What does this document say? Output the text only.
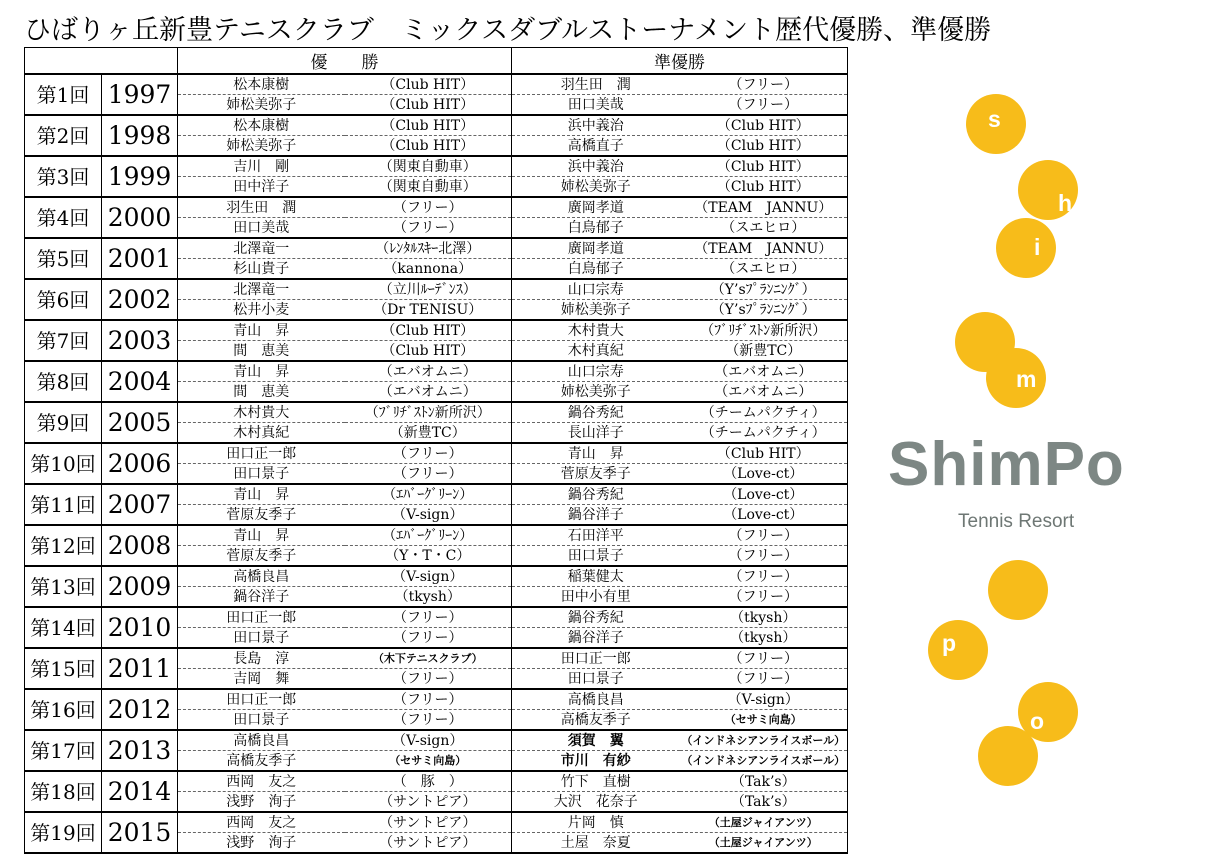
ひばりヶ丘新豊テニスクラブ　ミックスダブルストーナメント歴代優勝、準優勝
		優　　勝		準優勝	
第1回	1997	松本康樹	（Club HIT）	羽生田　潤	（フリー）
		姉松美弥子	（Club HIT）	田口美哉	（フリー）
第2回	1998	松本康樹	（Club HIT）	浜中義治	（Club HIT）
		姉松美弥子	（Club HIT）	高橋直子	（Club HIT）
第3回	1999	吉川　剛	（関東自動車）	浜中義治	（Club HIT）
		田中洋子	（関東自動車）	姉松美弥子	（Club HIT）
第4回	2000	羽生田　潤	（フリー）	廣岡孝道	（TEAM　JANNU）
		田口美哉	（フリー）	白鳥郁子	（スエヒロ）
第5回	2001	北澤竜一	（ﾚﾝﾀﾙｽｷｰ北澤）	廣岡孝道	（TEAM　JANNU）
		杉山貴子	（kannona）	白鳥郁子	（スエヒロ）
第6回	2002	北澤竜一	（立川ﾙｰﾃﾞﾝｽ）	山口宗寿	（Y’sﾌﾟﾗﾝﾆﾝｸﾞ）
		松井小麦	（Dr TENISU）	姉松美弥子	（Y’sﾌﾟﾗﾝﾆﾝｸﾞ）
第7回	2003	青山　昇	（Club HIT）	木村貴大	（ﾌﾞﾘﾁﾞｽﾄﾝ新所沢）
		間　恵美	（Club HIT）	木村真紀	（新豊TC）
第8回	2004	青山　昇	（エバオムニ）	山口宗寿	（エバオムニ）
		間　恵美	（エバオムニ）	姉松美弥子	（エバオムニ）
第9回	2005	木村貴大	（ﾌﾞﾘﾁﾞｽﾄﾝ新所沢）	鍋谷秀紀	（チームパクチィ）
		木村真紀	（新豊TC）	長山洋子	（チームパクチィ）
第10回	2006	田口正一郎	（フリー）	青山　昇	（Club HIT）
		田口景子	（フリー）	菅原友季子	（Love-ct）
第11回	2007	青山　昇	（ｴﾊﾞｰｸﾞﾘｰﾝ）	鍋谷秀紀	（Love-ct）
		菅原友季子	（V-sign）	鍋谷洋子	（Love-ct）
第12回	2008	青山　昇	（ｴﾊﾞｰｸﾞﾘｰﾝ）	石田洋平	（フリー）
		菅原友季子	（Y・T・C）	田口景子	（フリー）
第13回	2009	高橋良昌	（V-sign）	稲葉健太	（フリー）
		鍋谷洋子	（tkysh）	田中小有里	（フリー）
第14回	2010	田口正一郎	（フリー）	鍋谷秀紀	（tkysh）
		田口景子	（フリー）	鍋谷洋子	（tkysh）
第15回	2011	長島　淳	（木下テニスクラブ）	田口正一郎	（フリー）
		吉岡　舞	（フリー）	田口景子	（フリー）
第16回	2012	田口正一郎	（フリー）	高橋良昌	（V-sign）
		田口景子	（フリー）	高橋友季子	（セサミ向島）
第17回	2013	高橋良昌	（V-sign）	須賀　翼	（インドネシアンライスボール）
		高橋友季子	（セサミ向島）	市川　有紗	（インドネシアンライスボール）
第18回	2014	西岡　友之	（　豚　）	竹下　直樹	（Tak’s）
		浅野　洵子	（サントピア）	大沢　花奈子	（Tak’s）
第19回	2015	西岡　友之	（サントピア）	片岡　慎	（土屋ジャイアンツ）
		浅野　洵子	（サントピア）	土屋　奈夏	（土屋ジャイアンツ）
s
h
i
m
p
o
ShimPo
Tennis Resort
